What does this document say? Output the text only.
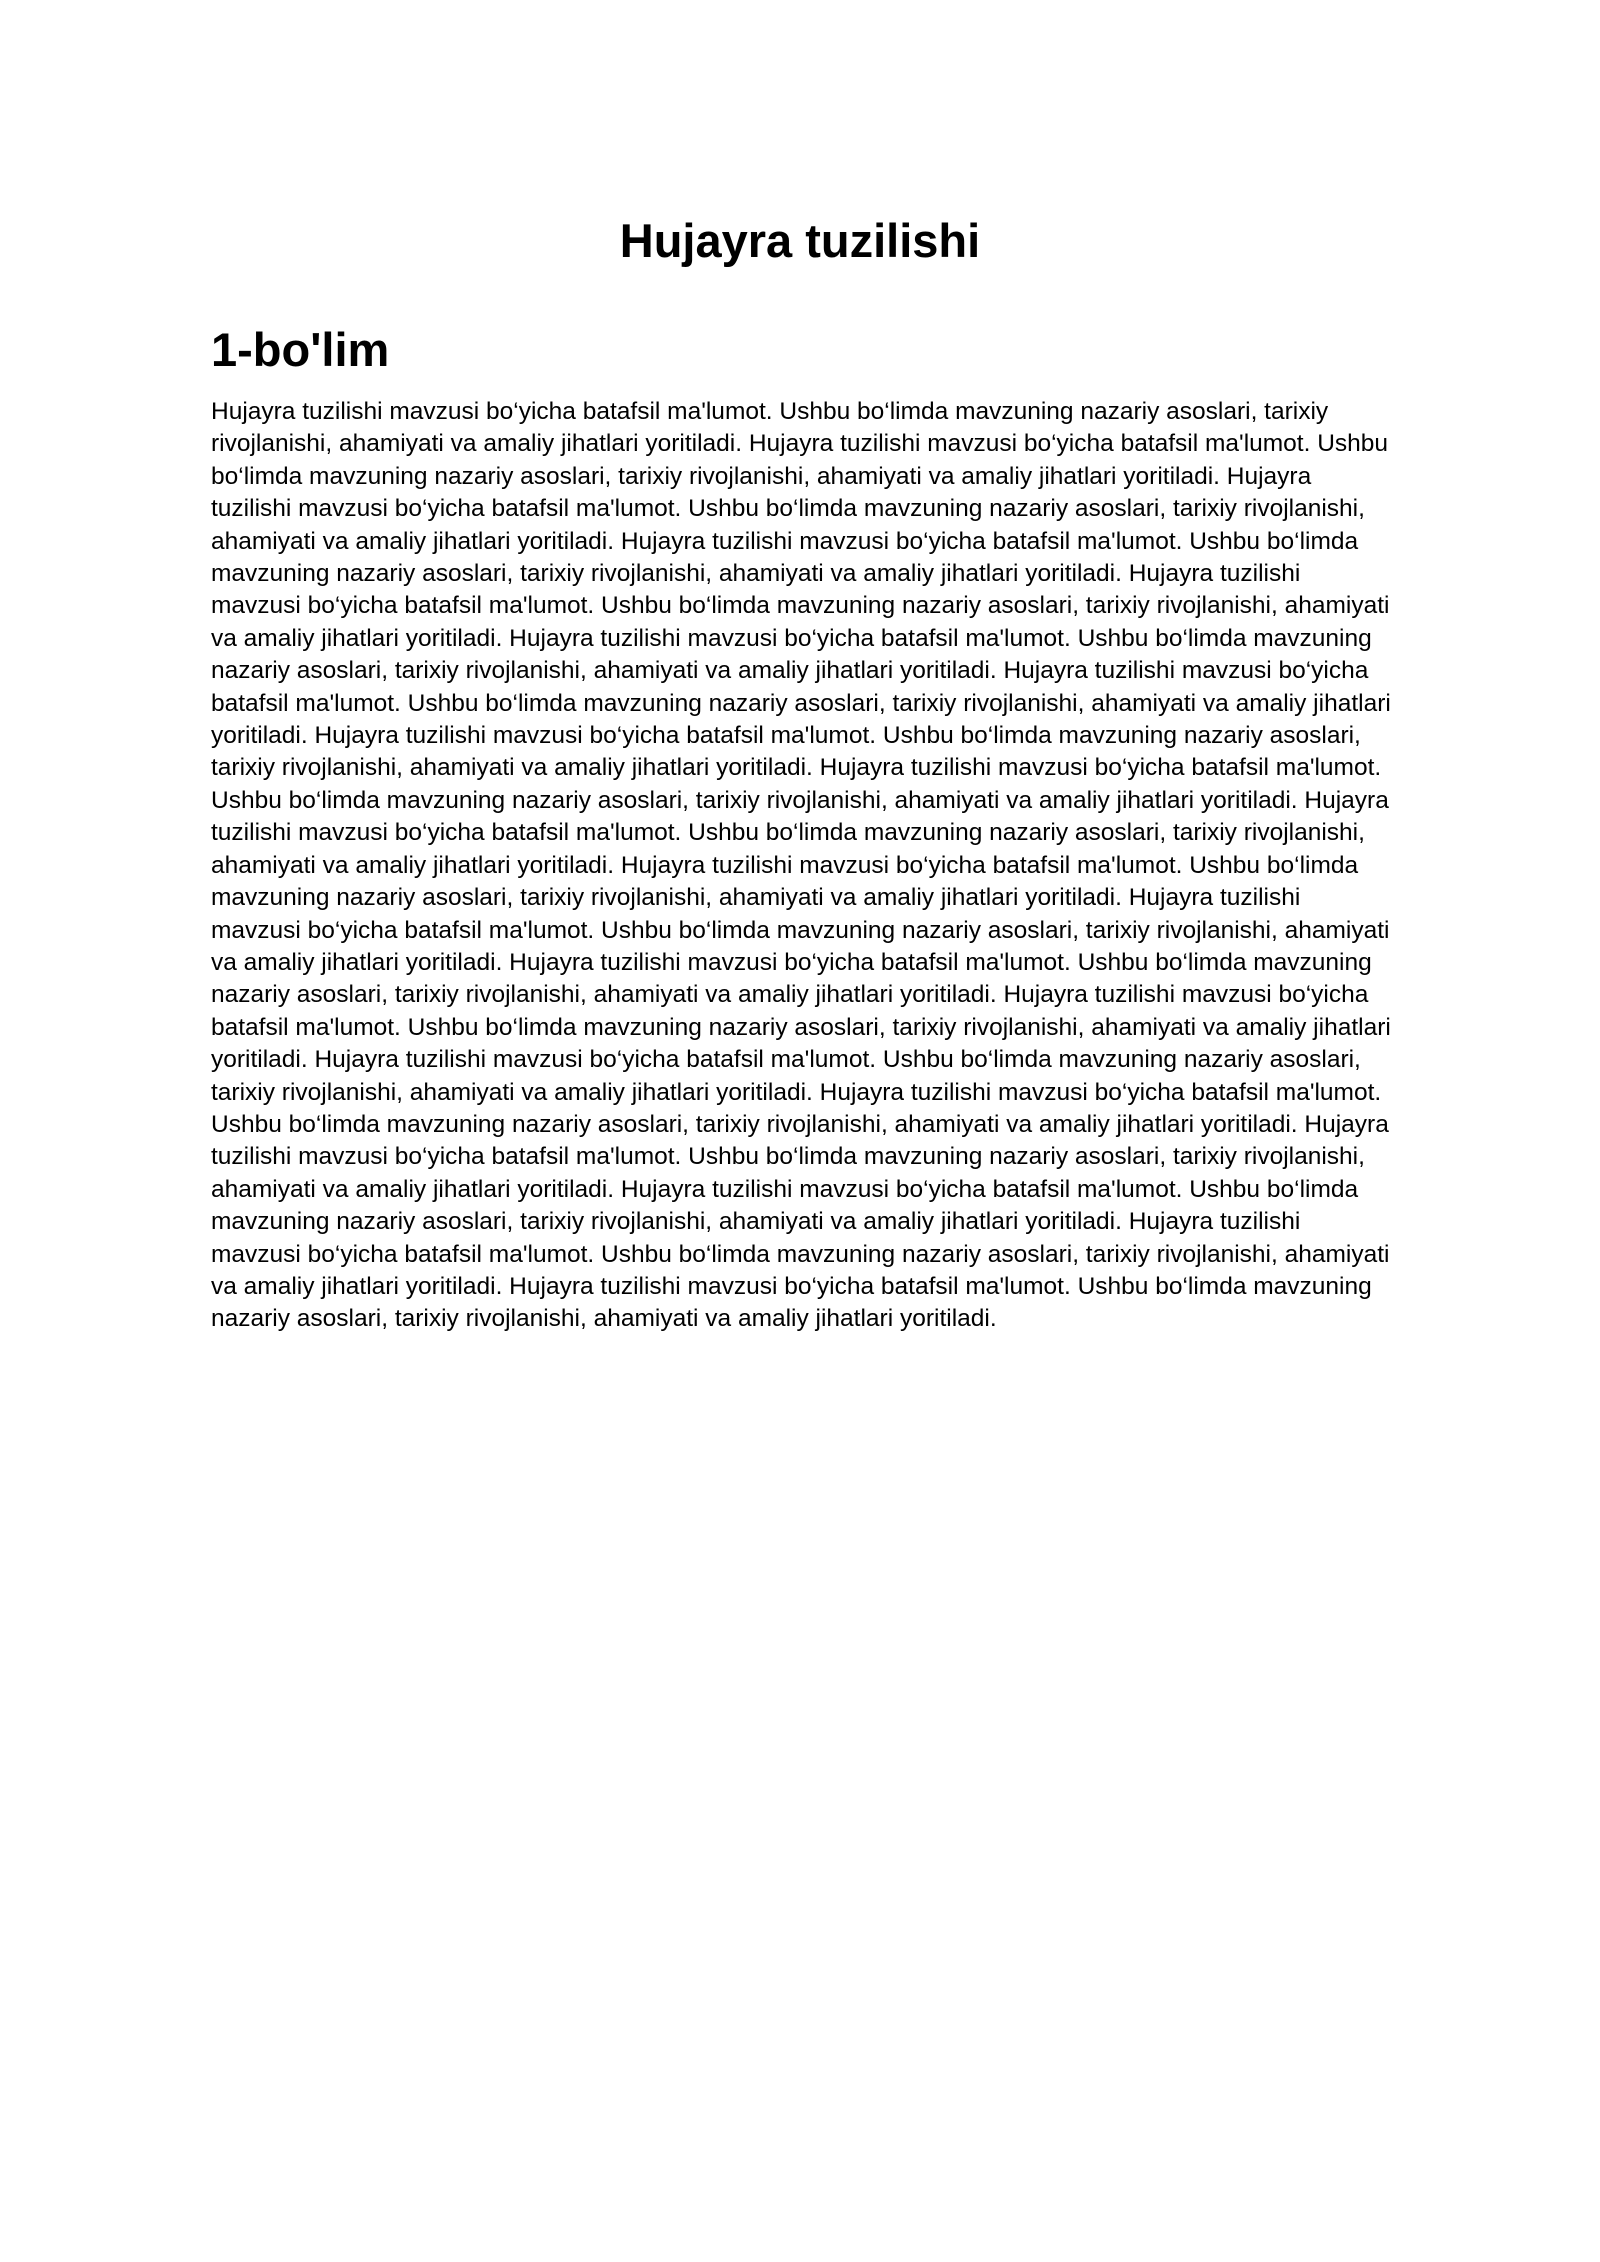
Hujayra tuzilishi
1-bo'lim

Hujayra tuzilishi mavzusi bo‘yicha batafsil ma'lumot. Ushbu bo‘limda mavzuning nazariy asoslari, tarixiy rivojlanishi, ahamiyati va amaliy jihatlari yoritiladi. Hujayra tuzilishi mavzusi bo‘yicha batafsil ma'lumot. Ushbu bo‘limda mavzuning nazariy asoslari, tarixiy rivojlanishi, ahamiyati va amaliy jihatlari yoritiladi. Hujayra tuzilishi mavzusi bo‘yicha batafsil ma'lumot. Ushbu bo‘limda mavzuning nazariy asoslari, tarixiy rivojlanishi, ahamiyati va amaliy jihatlari yoritiladi. Hujayra tuzilishi mavzusi bo‘yicha batafsil ma'lumot. Ushbu bo‘limda mavzuning nazariy asoslari, tarixiy rivojlanishi, ahamiyati va amaliy jihatlari yoritiladi. Hujayra tuzilishi mavzusi bo‘yicha batafsil ma'lumot. Ushbu bo‘limda mavzuning nazariy asoslari, tarixiy rivojlanishi, ahamiyati va amaliy jihatlari yoritiladi. Hujayra tuzilishi mavzusi bo‘yicha batafsil ma'lumot. Ushbu bo‘limda mavzuning nazariy asoslari, tarixiy rivojlanishi, ahamiyati va amaliy jihatlari yoritiladi. Hujayra tuzilishi mavzusi bo‘yicha batafsil ma'lumot. Ushbu bo‘limda mavzuning nazariy asoslari, tarixiy rivojlanishi, ahamiyati va amaliy jihatlari yoritiladi. Hujayra tuzilishi mavzusi bo‘yicha batafsil ma'lumot. Ushbu bo‘limda mavzuning nazariy asoslari, tarixiy rivojlanishi, ahamiyati va amaliy jihatlari yoritiladi. Hujayra tuzilishi mavzusi bo‘yicha batafsil ma'lumot. Ushbu bo‘limda mavzuning nazariy asoslari, tarixiy rivojlanishi, ahamiyati va amaliy jihatlari yoritiladi. Hujayra tuzilishi mavzusi bo‘yicha batafsil ma'lumot. Ushbu bo‘limda mavzuning nazariy asoslari, tarixiy rivojlanishi, ahamiyati va amaliy jihatlari yoritiladi. Hujayra tuzilishi mavzusi bo‘yicha batafsil ma'lumot. Ushbu bo‘limda mavzuning nazariy asoslari, tarixiy rivojlanishi, ahamiyati va amaliy jihatlari yoritiladi. Hujayra tuzilishi mavzusi bo‘yicha batafsil ma'lumot. Ushbu bo‘limda mavzuning nazariy asoslari, tarixiy rivojlanishi, ahamiyati va amaliy jihatlari yoritiladi. Hujayra tuzilishi mavzusi bo‘yicha batafsil ma'lumot. Ushbu bo‘limda mavzuning nazariy asoslari, tarixiy rivojlanishi, ahamiyati va amaliy jihatlari yoritiladi. Hujayra tuzilishi mavzusi bo‘yicha batafsil ma'lumot. Ushbu bo‘limda mavzuning nazariy asoslari, tarixiy rivojlanishi, ahamiyati va amaliy jihatlari yoritiladi. Hujayra tuzilishi mavzusi bo‘yicha batafsil ma'lumot. Ushbu bo‘limda mavzuning nazariy asoslari, tarixiy rivojlanishi, ahamiyati va amaliy jihatlari yoritiladi. Hujayra tuzilishi mavzusi bo‘yicha batafsil ma'lumot. Ushbu bo‘limda mavzuning nazariy asoslari, tarixiy rivojlanishi, ahamiyati va amaliy jihatlari yoritiladi. Hujayra tuzilishi mavzusi bo‘yicha batafsil ma'lumot. Ushbu bo‘limda mavzuning nazariy asoslari, tarixiy rivojlanishi, ahamiyati va amaliy jihatlari yoritiladi. Hujayra tuzilishi mavzusi bo‘yicha batafsil ma'lumot. Ushbu bo‘limda mavzuning nazariy asoslari, tarixiy rivojlanishi, ahamiyati va amaliy jihatlari yoritiladi. Hujayra tuzilishi mavzusi bo‘yicha batafsil ma'lumot. Ushbu bo‘limda mavzuning nazariy asoslari, tarixiy rivojlanishi, ahamiyati va amaliy jihatlari yoritiladi. Hujayra tuzilishi mavzusi bo‘yicha batafsil ma'lumot. Ushbu bo‘limda mavzuning nazariy asoslari, tarixiy rivojlanishi, ahamiyati va amaliy jihatlari yoritiladi.
